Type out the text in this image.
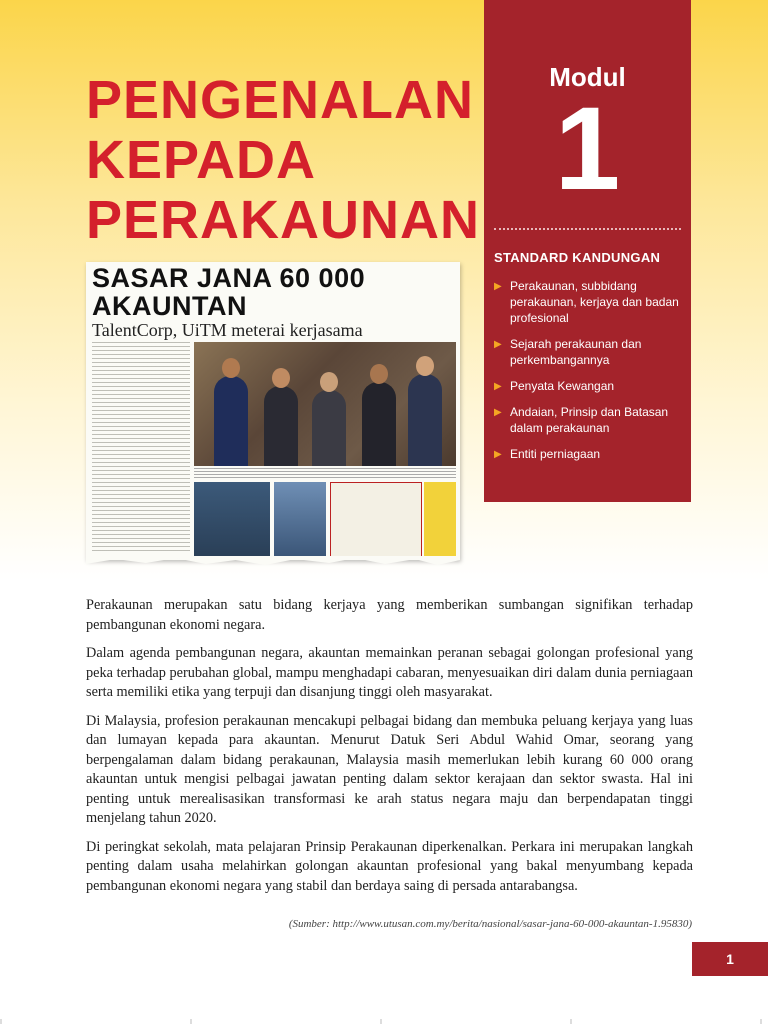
PENGENALAN
KEPADA
PERAKAUNAN
Modul
1
STANDARD KANDUNGAN
▶ Perakaunan, subbidang perakaunan, kerjaya dan badan profesional
▶ Sejarah perakaunan dan perkembangannya
▶ Penyata Kewangan
▶ Andaian, Prinsip dan Batasan dalam perakaunan
▶ Entiti perniagaan
SASAR JANA 60 000 AKAUNTAN
TalentCorp, UiTM meterai kerjasama

Perakaunan merupakan satu bidang kerjaya yang memberikan sumbangan signifikan terhadap pembangunan ekonomi negara.

Dalam agenda pembangunan negara, akauntan memainkan peranan sebagai golongan profesional yang peka terhadap perubahan global, mampu menghadapi cabaran, menyesuaikan diri dalam dunia perniagaan serta memiliki etika yang terpuji dan disanjung tinggi oleh masyarakat.

Di Malaysia, profesion perakaunan mencakupi pelbagai bidang dan membuka peluang kerjaya yang luas dan lumayan kepada para akauntan. Menurut Datuk Seri Abdul Wahid Omar, seorang yang berpengalaman dalam bidang perakaunan, Malaysia masih memerlukan lebih kurang 60 000 orang akauntan untuk mengisi pelbagai jawatan penting dalam sektor kerajaan dan sektor swasta. Hal ini penting untuk merealisasikan transformasi ke arah status negara maju dan berpendapatan tinggi menjelang tahun 2020.

Di peringkat sekolah, mata pelajaran Prinsip Perakaunan diperkenalkan. Perkara ini merupakan langkah penting dalam usaha melahirkan golongan akauntan profesional yang bakal menyumbang kepada pembangunan ekonomi negara yang stabil dan berdaya saing di persada antarabangsa.

(Sumber: http://www.utusan.com.my/berita/nasional/sasar-jana-60-000-akauntan-1.95830)
1
